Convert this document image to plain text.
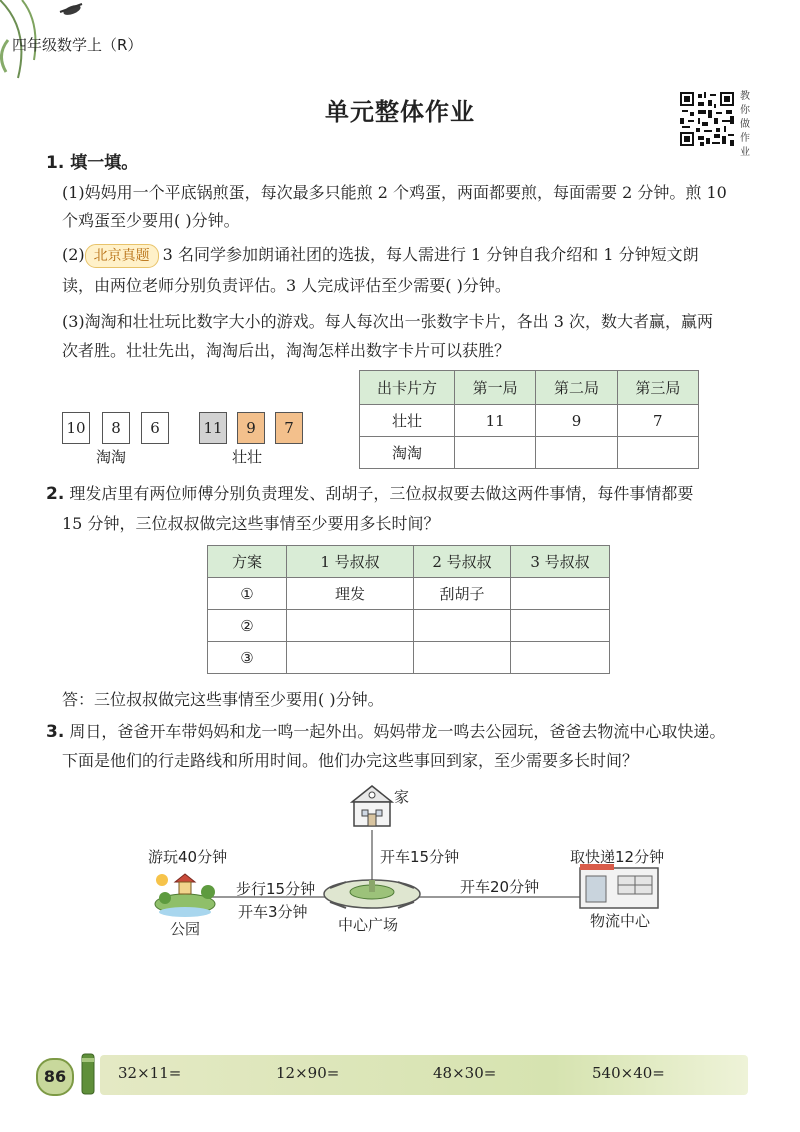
四年级数学上（R）
单元整体作业
教
你
做
作
业
1. 填一填。
(1)妈妈用一个平底锅煎蛋，每次最多只能煎 2 个鸡蛋，两面都要煎，每面需要 2 分钟。煎 10
个鸡蛋至少要用( )分钟。
(2) 北京真题 3 名同学参加朗诵社团的选拔，每人需进行 1 分钟自我介绍和 1 分钟短文朗
读，由两位老师分别负责评估。3 人完成评估至少需要( )分钟。
(3)淘淘和壮壮玩比数字大小的游戏。每人每次出一张数字卡片，各出 3 次，数大者赢，赢两
次者胜。壮壮先出，淘淘后出，淘淘怎样出数字卡片可以获胜？
10	8	6
淘淘
11	9	7
壮壮
出卡片方	第一局	第二局	第三局
壮壮	11	9	7
淘淘			
2. 理发店里有两位师傅分别负责理发、刮胡子，三位叔叔要去做这两件事情，每件事情都要
15 分钟，三位叔叔做完这些事情至少要用多长时间？
方案	1 号叔叔	2 号叔叔	3 号叔叔
①	理发	刮胡子	
②			
③			
答：三位叔叔做完这些事情至少要用( )分钟。
3. 周日，爸爸开车带妈妈和龙一鸣一起外出。妈妈带龙一鸣去公园玩，爸爸去物流中心取快递。
下面是他们的行走路线和所用时间。他们办完这些事回到家，至少需要多长时间？
家
游玩40分钟
公园
步行15分钟
开车3分钟
开车15分钟
中心广场
开车20分钟
取快递12分钟
物流中心
86	32×11=	12×90=	48×30=	540×40=
